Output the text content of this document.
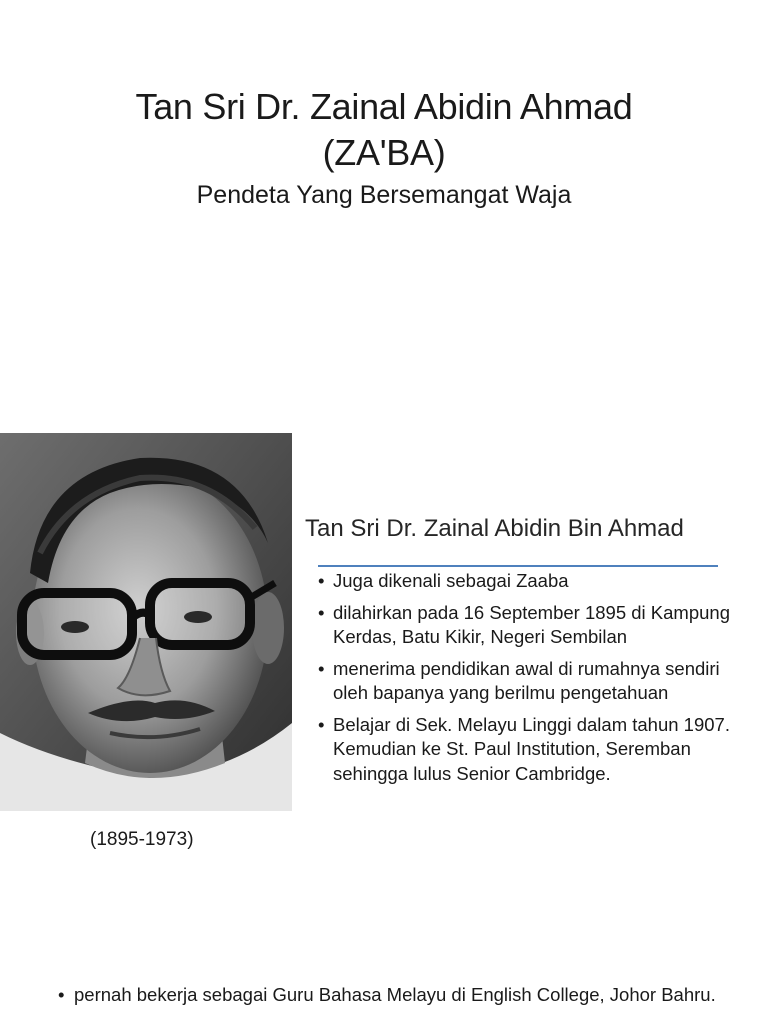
Tan Sri Dr. Zainal Abidin Ahmad
(ZA'BA)
Pendeta Yang Bersemangat Waja
(1895-1973)
Tan Sri Dr. Zainal Abidin Bin Ahmad
• Juga dikenali sebagai Zaaba
• dilahirkan pada 16 September 1895 di Kampung Kerdas, Batu Kikir, Negeri Sembilan
• menerima pendidikan awal di rumahnya sendiri oleh bapanya yang berilmu pengetahuan
• Belajar di Sek. Melayu Linggi dalam tahun 1907. Kemudian ke St. Paul Institution, Seremban sehingga lulus Senior Cambridge.
• pernah bekerja sebagai Guru Bahasa Melayu di English College, Johor Bahru.
